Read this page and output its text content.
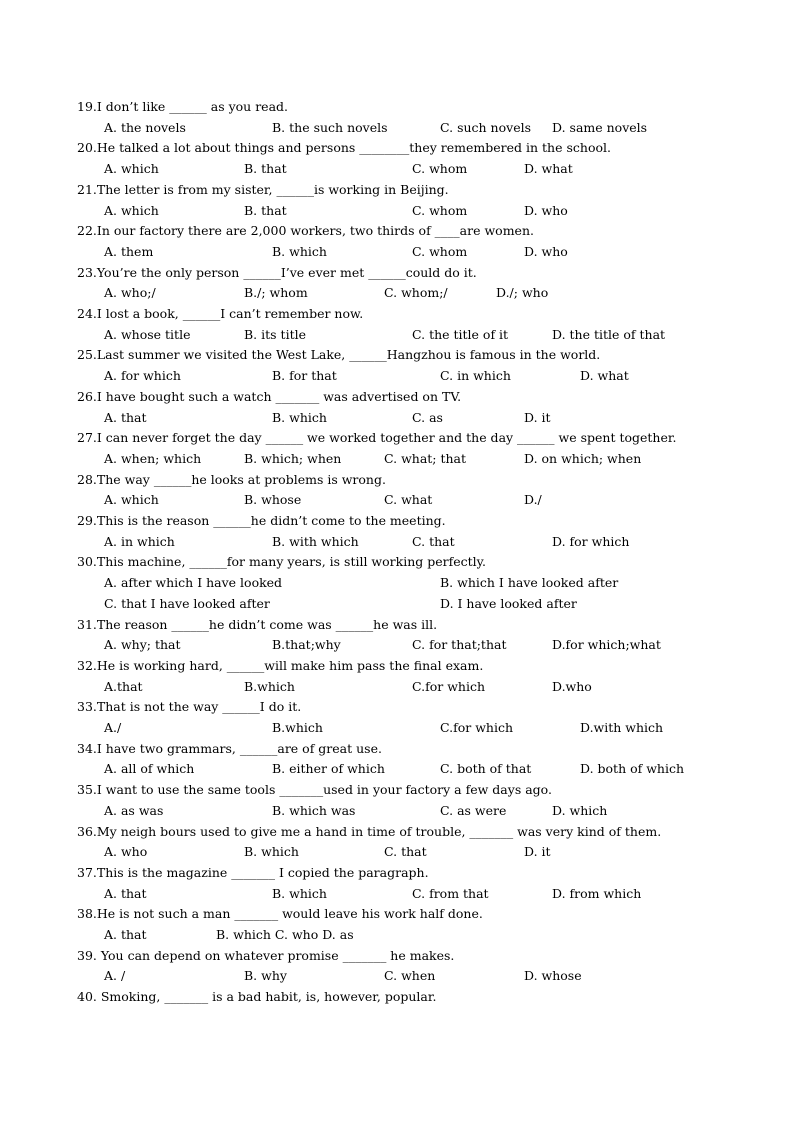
19.I don’t like ______ as you read.

A. the novels

	B. the such novels

	C. such novels

D. same novels

20.He talked a lot about things and persons ________they remembered in the school.

A. which

	B. that

	C. whom

	D. what

21.The letter is from my sister, ______is working in Beijing.

A. which

	B. that

	C. whom

	D. who

22.In our factory there are 2,000 workers, two thirds of ____are women.

A. them

	B. which

	C. whom

	D. who

23.You’re the only person ______I’ve ever met ______could do it.

A. who;/

	B./; whom

	C. whom;/

	D./; who

24.I lost a book, ______I can’t remember now.

A. whose title

	B. its title

	C. the title of it

	D. the title of that

25.Last summer we visited the West Lake, ______Hangzhou is famous in the world.

A. for which

	B. for that

	C. in which

	D. what

26.I have bought such a watch _______ was advertised on TV.

A. that

	B. which

	C. as

	D. it

27.I can never forget the day ______ we worked together and the day ______ we spent together.

A. when; which

	B. which; when

	C. what; that

	D. on which; when

28.The way ______he looks at problems is wrong.

A. which

	B. whose

	C. what

	D./

29.This is the reason ______he didn’t come to the meeting.

A. in which

	B. with which

	C. that

	D. for which

30.This machine, ______for many years, is still working perfectly.

A. after which I have looked

	B. which I have looked after

C. that I have looked after

	D. I have looked after

31.The reason ______he didn’t come was ______he was ill.

A. why; that

	B.that;why

	C. for that;that

	D.for which;what

32.He is working hard, ______will make him pass the final exam.

A.that

	B.which

	C.for which

	D.who

33.That is not the way ______I do it.

A./

	B.which

	C.for which

	D.with which

34.I have two grammars, ______are of great use.

A. all of which

	B. either of which

	C. both of that

	D. both of which

35.I want to use the same tools _______used in your factory a few days ago.

A. as was

	B. which was

	C. as were

	D. which

36.My neigh bours used to give me a hand in time of trouble, _______ was very kind of them.

A. who

	B. which

	C. that

	D. it

37.This is the magazine _______ I copied the paragraph.

A. that

	B. which

	C. from that

	D. from which

38.He is not such a man _______ would leave his work half done.

A. that

	B. which C. who D. as

39. You can depend on whatever promise _______ he makes.

A. /

	B. why

	C. when

	D. whose

40. Smoking, _______ is a bad habit, is, however, popular.
